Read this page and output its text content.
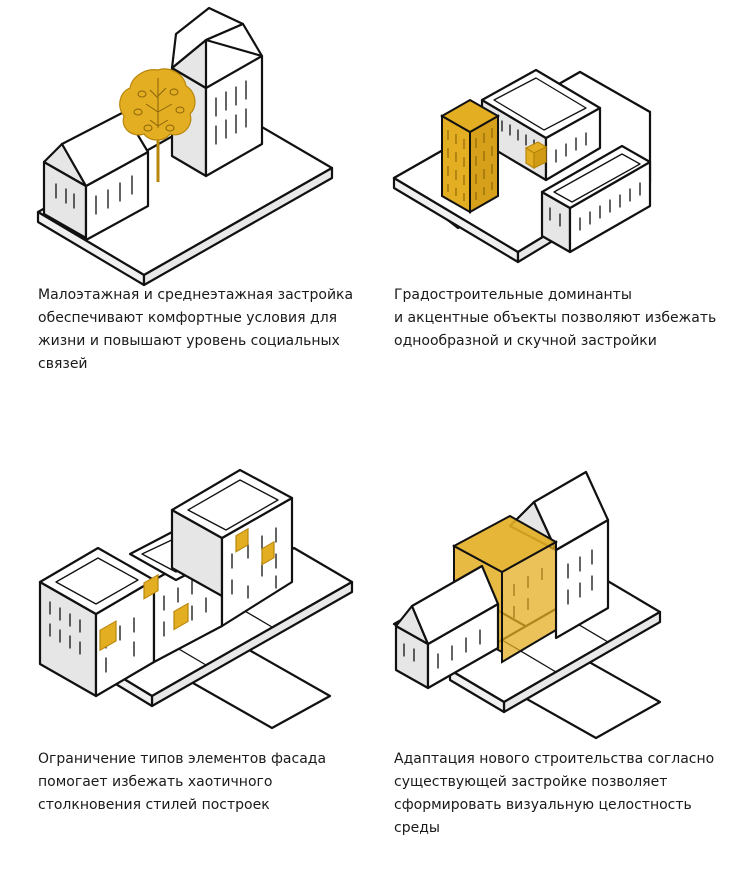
Малоэтажная и среднеэтажная застройка
обеспечивают комфортные условия для
жизни и повышают уровень социальных
связей

Градостроительные доминанты
и акцентные объекты позволяют избежать
однообразной и скучной застройки

Ограничение типов элементов фасада
помогает избежать хаотичного
столкновения стилей построек

Адаптация нового строительства согласно
существующей застройке позволяет
сформировать визуальную целостность
среды
